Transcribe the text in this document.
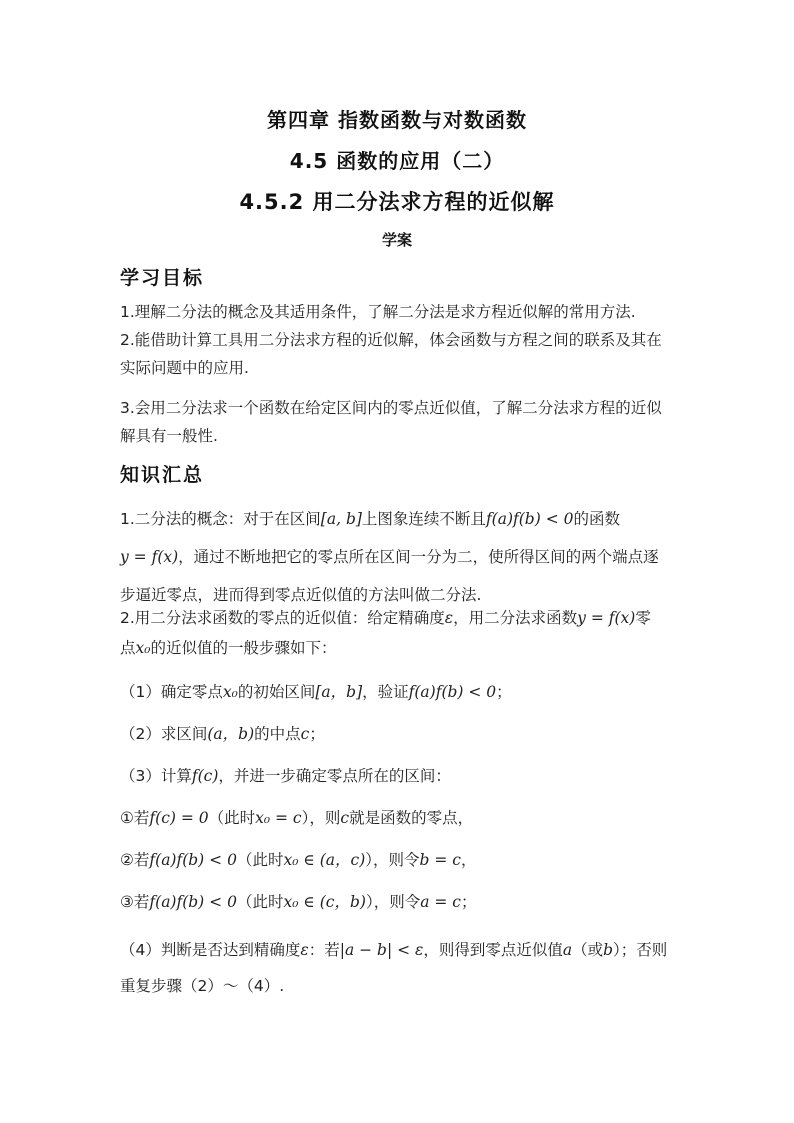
第四章 指数函数与对数函数
4.5 函数的应用（二）
4.5.2 用二分法求方程的近似解
学案
学习目标
1.理解二分法的概念及其适用条件，了解二分法是求方程近似解的常用方法.
2.能借助计算工具用二分法求方程的近似解，体会函数与方程之间的联系及其在
实际问题中的应用.
3.会用二分法求一个函数在给定区间内的零点近似值，了解二分法求方程的近似
解具有一般性.
知识汇总
1.二分法的概念：对于在区间[a, b]上图象连续不断且f(a)f(b) < 0的函数
y = f(x)，通过不断地把它的零点所在区间一分为二，使所得区间的两个端点逐
步逼近零点，进而得到零点近似值的方法叫做二分法.
2.用二分法求函数的零点的近似值：给定精确度ε，用二分法求函数y = f(x)零
点x₀的近似值的一般步骤如下：
（1）确定零点x₀的初始区间[a，b]，验证f(a)f(b) < 0；
（2）求区间(a，b)的中点c；
（3）计算f(c)，并进一步确定零点所在的区间：
①若f(c) = 0（此时x₀ = c），则c就是函数的零点，
②若f(a)f(b) < 0（此时x₀ ∈ (a，c)），则令b = c，
③若f(a)f(b) < 0（此时x₀ ∈ (c，b)），则令a = c；
（4）判断是否达到精确度ε：若|a − b| < ε，则得到零点近似值a（或b）；否则
重复步骤（2）～（4）.
